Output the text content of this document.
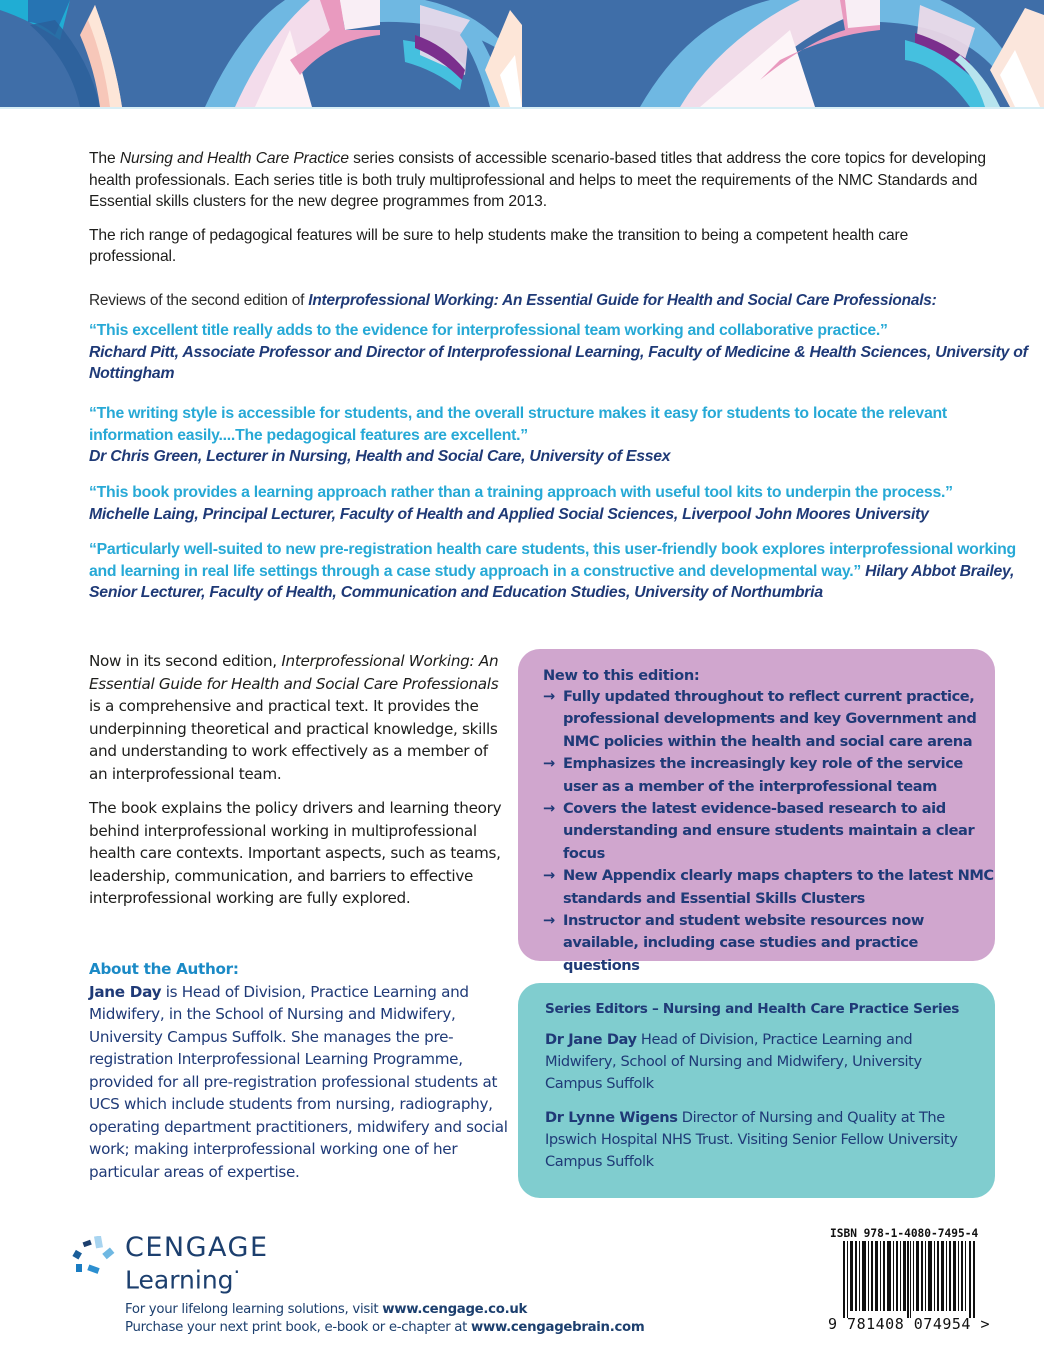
The Nursing and Health Care Practice series consists of accessible scenario-based titles that address the core topics for developing health professionals. Each series title is both truly multiprofessional and helps to meet the requirements of the NMC Standards and Essential skills clusters for the new degree programmes from 2013.

The rich range of pedagogical features will be sure to help students make the transition to being a competent health care professional.

Reviews of the second edition of Interprofessional Working: An Essential Guide for Health and Social Care Professionals:
“This excellent title really adds to the evidence for interprofessional team working and collaborative practice.”
Richard Pitt, Associate Professor and Director of Interprofessional Learning, Faculty of Medicine & Health Sciences, University of Nottingham
“The writing style is accessible for students, and the overall structure makes it easy for students to locate the relevant information easily....The pedagogical features are excellent.”
Dr Chris Green, Lecturer in Nursing, Health and Social Care, University of Essex
“This book provides a learning approach rather than a training approach with useful tool kits to underpin the process.”
Michelle Laing, Principal Lecturer, Faculty of Health and Applied Social Sciences, Liverpool John Moores University
“Particularly well-suited to new pre-registration health care students, this user-friendly book explores interprofessional working and learning in real life settings through a case study approach in a constructive and developmental way.” Hilary Abbot Brailey, Senior Lecturer, Faculty of Health, Communication and Education Studies, University of Northumbria

Now in its second edition, Interprofessional Working: An Essential Guide for Health and Social Care Professionals is a comprehensive and practical text. It provides the underpinning theoretical and practical knowledge, skills and understanding to work effectively as a member of an interprofessional team.

The book explains the policy drivers and learning theory behind interprofessional working in multiprofessional health care contexts. Important aspects, such as teams, leadership, communication, and barriers to effective interprofessional working are fully explored.

About the Author:
Jane Day is Head of Division, Practice Learning and Midwifery, in the School of Nursing and Midwifery, University Campus Suffolk. She manages the pre-registration Interprofessional Learning Programme, provided for all pre-registration professional students at UCS which include students from nursing, radiography, operating department practitioners, midwifery and social work; making interprofessional working one of her particular areas of expertise.
New to this edition:
→ Fully updated throughout to reflect current practice, professional developments and key Government and NMC policies within the health and social care arena
→ Emphasizes the increasingly key role of the service user as a member of the interprofessional team
→ Covers the latest evidence-based research to aid understanding and ensure students maintain a clear focus
→ New Appendix clearly maps chapters to the latest NMC standards and Essential Skills Clusters
→ Instructor and student website resources now available, including case studies and practice questions
Series Editors – Nursing and Health Care Practice Series

Dr Jane Day Head of Division, Practice Learning and Midwifery, School of Nursing and Midwifery, University Campus Suffolk

Dr Lynne Wigens Director of Nursing and Quality at The Ipswich Hospital NHS Trust. Visiting Senior Fellow University Campus Suffolk

CENGAGE
Learning·
For your lifelong learning solutions, visit www.cengage.co.uk
Purchase your next print book, e-book or e-chapter at www.cengagebrain.com
ISBN 978-1-4080-7495-4
9 781408 074954 >
